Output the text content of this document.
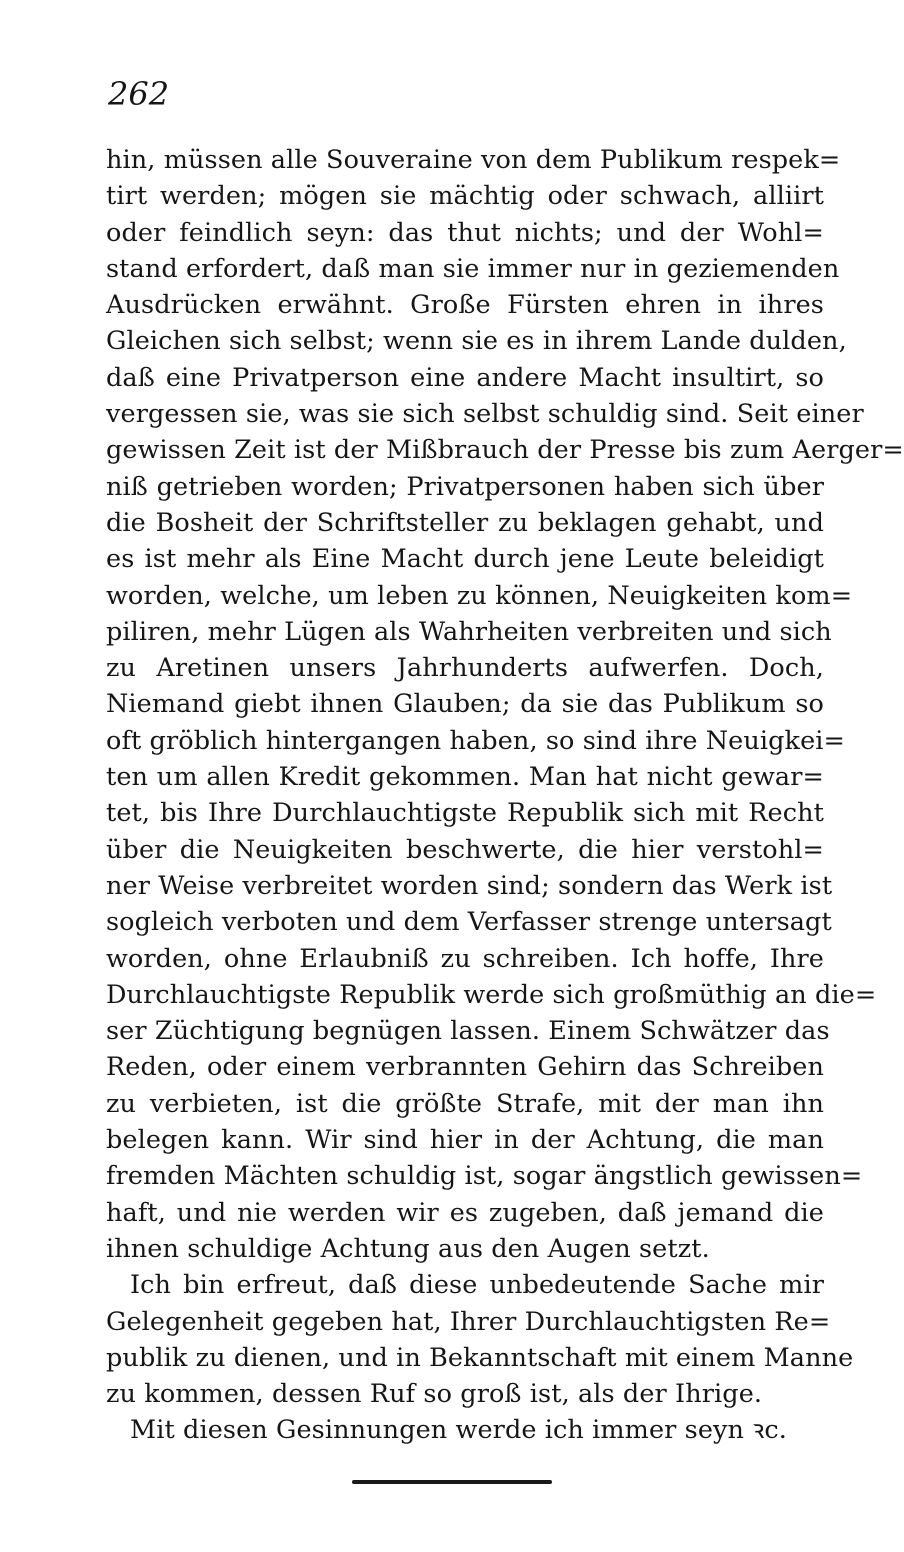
262

hin, müssen alle Souveraine von dem Publikum respek=
tirt werden; mögen sie mächtig oder schwach, alliirt
oder feindlich seyn: das thut nichts; und der Wohl=
stand erfordert, daß man sie immer nur in geziemenden
Ausdrücken erwähnt. Große Fürsten ehren in ihres
Gleichen sich selbst; wenn sie es in ihrem Lande dulden,
daß eine Privatperson eine andere Macht insultirt, so
vergessen sie, was sie sich selbst schuldig sind. Seit einer
gewissen Zeit ist der Mißbrauch der Presse bis zum Aerger=
niß getrieben worden; Privatpersonen haben sich über
die Bosheit der Schriftsteller zu beklagen gehabt, und
es ist mehr als Eine Macht durch jene Leute beleidigt
worden, welche, um leben zu können, Neuigkeiten kom=
piliren, mehr Lügen als Wahrheiten verbreiten und sich
zu Aretinen unsers Jahrhunderts aufwerfen. Doch,
Niemand giebt ihnen Glauben; da sie das Publikum so
oft gröblich hintergangen haben, so sind ihre Neuigkei=
ten um allen Kredit gekommen. Man hat nicht gewar=
tet, bis Ihre Durchlauchtigste Republik sich mit Recht
über die Neuigkeiten beschwerte, die hier verstohl=
ner Weise verbreitet worden sind; sondern das Werk ist
sogleich verboten und dem Verfasser strenge untersagt
worden, ohne Erlaubniß zu schreiben. Ich hoffe, Ihre
Durchlauchtigste Republik werde sich großmüthig an die=
ser Züchtigung begnügen lassen. Einem Schwätzer das
Reden, oder einem verbrannten Gehirn das Schreiben
zu verbieten, ist die größte Strafe, mit der man ihn
belegen kann. Wir sind hier in der Achtung, die man
fremden Mächten schuldig ist, sogar ängstlich gewissen=
haft, und nie werden wir es zugeben, daß jemand die
ihnen schuldige Achtung aus den Augen setzt.
Ich bin erfreut, daß diese unbedeutende Sache mir
Gelegenheit gegeben hat, Ihrer Durchlauchtigsten Re=
publik zu dienen, und in Bekanntschaft mit einem Manne
zu kommen, dessen Ruf so groß ist, als der Ihrige.
Mit diesen Gesinnungen werde ich immer seyn ꝛc.
